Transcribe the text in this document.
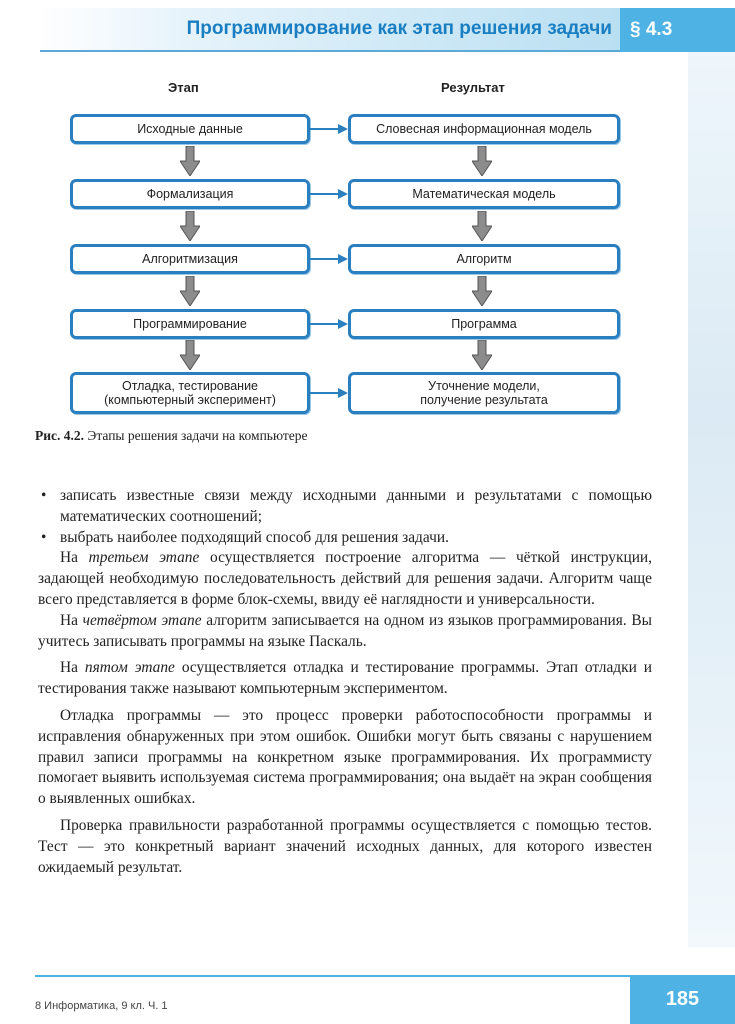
Программирование как этап решения задачи § 4.3
Этап	Результат
Исходные данные
Формализация
Алгоритмизация
Программирование
Отладка, тестирование
(компьютерный эксперимент)
Словесная информационная модель
Математическая модель
Алгоритм
Программа
Уточнение модели,
получение результата

Рис. 4.2. Этапы решения задачи на компьютере

• записать известные связи между исходными данными и результатами с помощью математических соотношений;
• выбрать наиболее подходящий способ для решения задачи.

На третьем этапе осуществляется построение алгоритма — чёткой инструкции, задающей необходимую последовательность действий для решения задачи. Алгоритм чаще всего представляется в форме блок-схемы, ввиду её наглядности и универсальности.

На четвёртом этапе алгоритм записывается на одном из языков программирования. Вы учитесь записывать программы на языке Паскаль.

На пятом этапе осуществляется отладка и тестирование программы. Этап отладки и тестирования также называют компьютерным экспериментом.

Отладка программы — это процесс проверки работоспособности программы и исправления обнаруженных при этом ошибок. Ошибки могут быть связаны с нарушением правил записи программы на конкретном языке программирования. Их программисту помогает выявить используемая система программирования; она выдаёт на экран сообщения о выявленных ошибках.

Проверка правильности разработанной программы осуществляется с помощью тестов. Тест — это конкретный вариант значений исходных данных, для которого известен ожидаемый результат.

8 Информатика, 9 кл. Ч. 1	185
